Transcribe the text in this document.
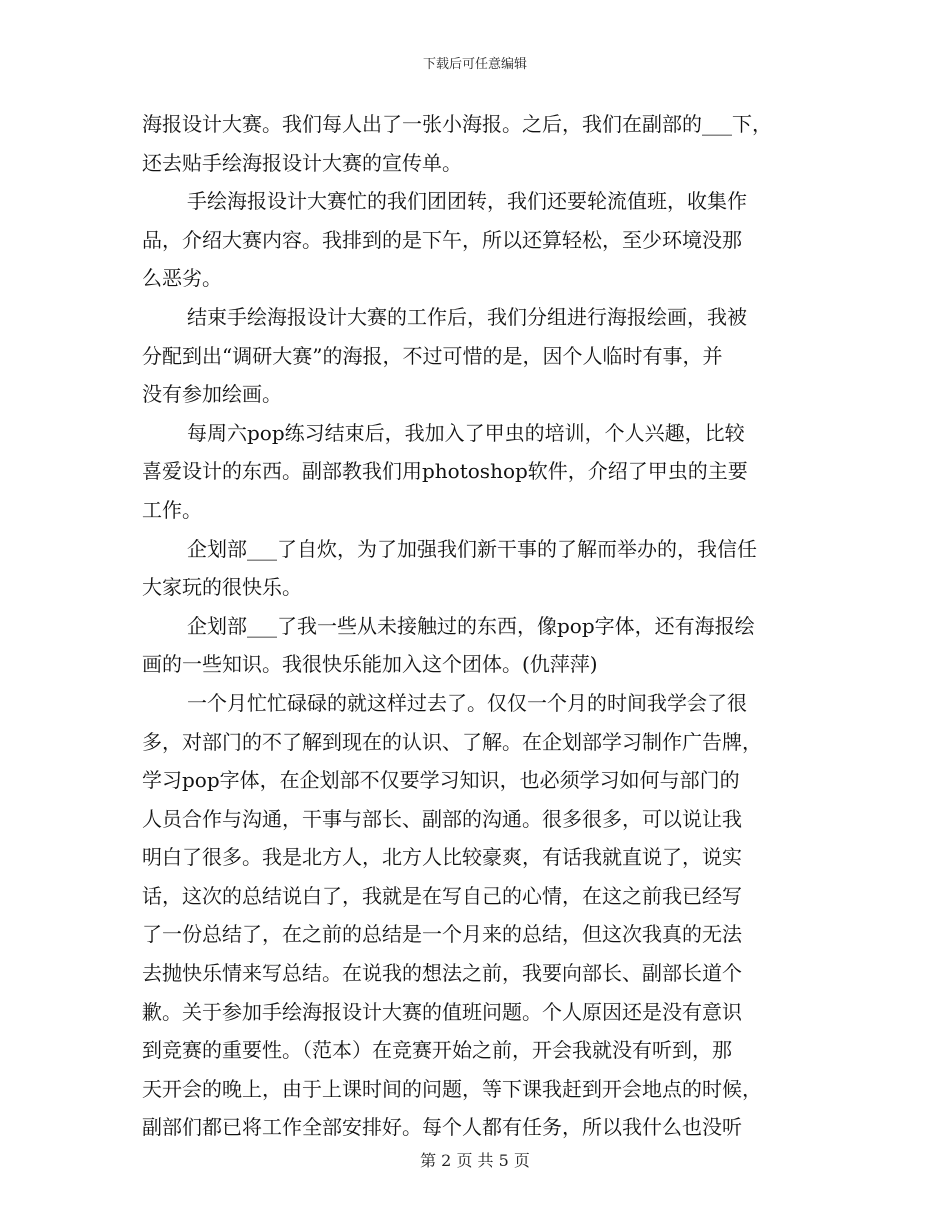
下载后可任意编辑
海报设计大赛。我们每人出了一张小海报。之后，我们在副部的___下，
还去贴手绘海报设计大赛的宣传单。
手绘海报设计大赛忙的我们团团转，我们还要轮流值班，收集作
品，介绍大赛内容。我排到的是下午，所以还算轻松，至少环境没那
么恶劣。
结束手绘海报设计大赛的工作后，我们分组进行海报绘画，我被
分配到出“调研大赛”的海报，不过可惜的是，因个人临时有事，并
没有参加绘画。
每周六pop练习结束后，我加入了甲虫的培训，个人兴趣，比较
喜爱设计的东西。副部教我们用photoshop软件，介绍了甲虫的主要
工作。
企划部___了自炊，为了加强我们新干事的了解而举办的，我信任
大家玩的很快乐。
企划部___了我一些从未接触过的东西，像pop字体，还有海报绘
画的一些知识。我很快乐能加入这个团体。(仇萍萍)
一个月忙忙碌碌的就这样过去了。仅仅一个月的时间我学会了很
多，对部门的不了解到现在的认识、了解。在企划部学习制作广告牌，
学习pop字体，在企划部不仅要学习知识，也必须学习如何与部门的
人员合作与沟通，干事与部长、副部的沟通。很多很多，可以说让我
明白了很多。我是北方人，北方人比较豪爽，有话我就直说了，说实
话，这次的总结说白了，我就是在写自己的心情，在这之前我已经写
了一份总结了，在之前的总结是一个月来的总结，但这次我真的无法
去抛快乐情来写总结。在说我的想法之前，我要向部长、副部长道个
歉。关于参加手绘海报设计大赛的值班问题。个人原因还是没有意识
到竞赛的重要性。（范本）在竞赛开始之前，开会我就没有听到，那
天开会的晚上，由于上课时间的问题，等下课我赶到开会地点的时候，
副部们都已将工作全部安排好。每个人都有任务，所以我什么也没听
第 2 页 共 5 页
